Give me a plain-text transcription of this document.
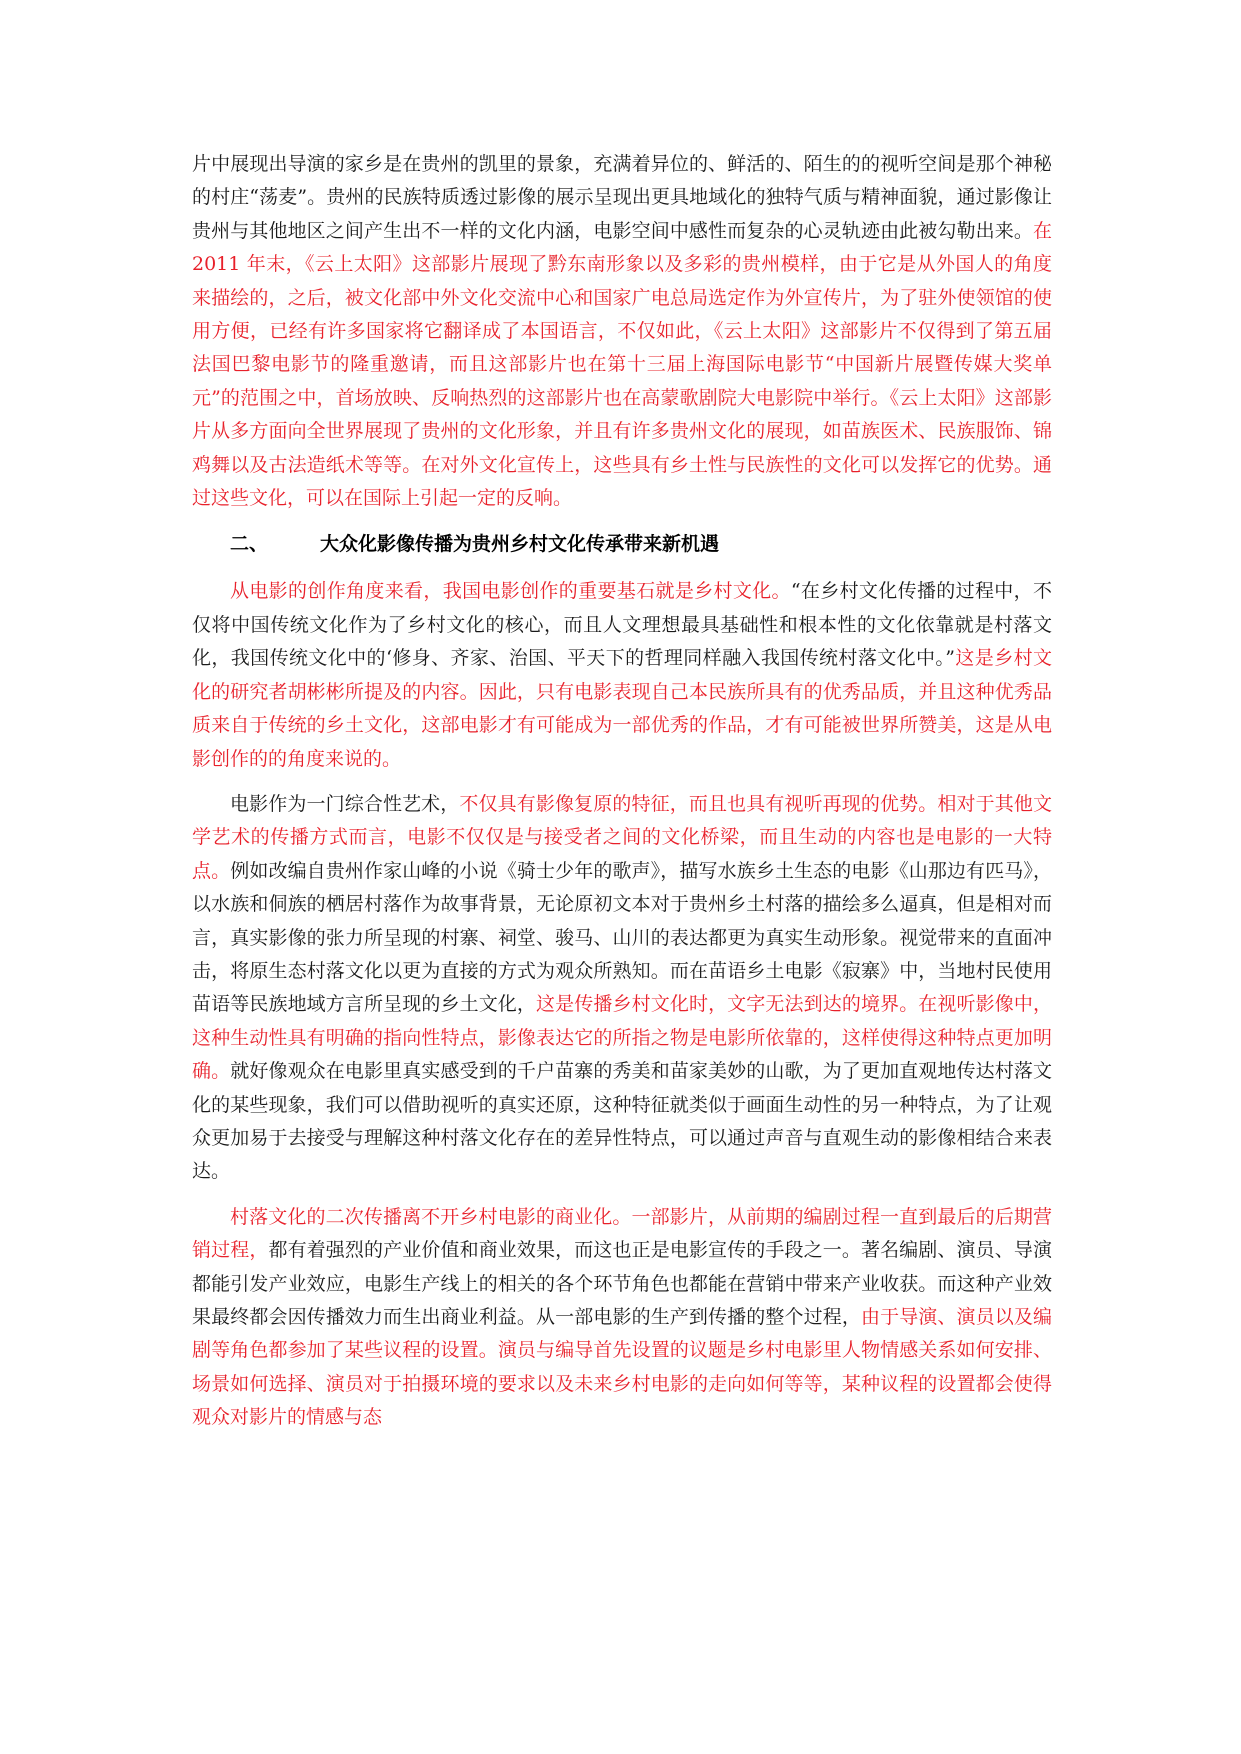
片中展现出导演的家乡是在贵州的凯里的景象，充满着异位的、鲜活的、陌生的的视听空间是那个神秘的村庄“荡麦”。贵州的民族特质透过影像的展示呈现出更具地域化的独特气质与精神面貌，通过影像让贵州与其他地区之间产生出不一样的文化内涵，电影空间中感性而复杂的心灵轨迹由此被勾勒出来。在 2011 年末，《云上太阳》这部影片展现了黔东南形象以及多彩的贵州模样，由于它是从外国人的角度来描绘的，之后，被文化部中外文化交流中心和国家广电总局选定作为外宣传片，为了驻外使领馆的使用方便，已经有许多国家将它翻译成了本国语言，不仅如此，《云上太阳》这部影片不仅得到了第五届法国巴黎电影节的隆重邀请，而且这部影片也在第十三届上海国际电影节“中国新片展暨传媒大奖单元”的范围之中，首场放映、反响热烈的这部影片也在高蒙歌剧院大电影院中举行。《云上太阳》这部影片从多方面向全世界展现了贵州的文化形象，并且有许多贵州文化的展现，如苗族医术、民族服饰、锦鸡舞以及古法造纸术等等。在对外文化宣传上，这些具有乡土性与民族性的文化可以发挥它的优势。通过这些文化，可以在国际上引起一定的反响。

二、	大众化影像传播为贵州乡村文化传承带来新机遇

从电影的创作角度来看，我国电影创作的重要基石就是乡村文化。“在乡村文化传播的过程中，不仅将中国传统文化作为了乡村文化的核心，而且人文理想最具基础性和根本性的文化依靠就是村落文化，我国传统文化中的‘修身、齐家、治国、平天下的哲理同样融入我国传统村落文化中。”这是乡村文化的研究者胡彬彬所提及的内容。因此，只有电影表现自己本民族所具有的优秀品质，并且这种优秀品质来自于传统的乡土文化，这部电影才有可能成为一部优秀的作品，才有可能被世界所赞美，这是从电影创作的的角度来说的。

电影作为一门综合性艺术，不仅具有影像复原的特征，而且也具有视听再现的优势。相对于其他文学艺术的传播方式而言，电影不仅仅是与接受者之间的文化桥梁，而且生动的内容也是电影的一大特点。例如改编自贵州作家山峰的小说《骑士少年的歌声》，描写水族乡土生态的电影《山那边有匹马》，以水族和侗族的栖居村落作为故事背景，无论原初文本对于贵州乡土村落的描绘多么逼真，但是相对而言，真实影像的张力所呈现的村寨、祠堂、骏马、山川的表达都更为真实生动形象。视觉带来的直面冲击，将原生态村落文化以更为直接的方式为观众所熟知。而在苗语乡土电影《寂寨》中，当地村民使用苗语等民族地域方言所呈现的乡土文化，这是传播乡村文化时，文字无法到达的境界。在视听影像中，这种生动性具有明确的指向性特点，影像表达它的所指之物是电影所依靠的，这样使得这种特点更加明确。就好像观众在电影里真实感受到的千户苗寨的秀美和苗家美妙的山歌，为了更加直观地传达村落文化的某些现象，我们可以借助视听的真实还原，这种特征就类似于画面生动性的另一种特点，为了让观众更加易于去接受与理解这种村落文化存在的差异性特点，可以通过声音与直观生动的影像相结合来表达。

村落文化的二次传播离不开乡村电影的商业化。一部影片，从前期的编剧过程一直到最后的后期营销过程，都有着强烈的产业价值和商业效果，而这也正是电影宣传的手段之一。著名编剧、演员、导演都能引发产业效应，电影生产线上的相关的各个环节角色也都能在营销中带来产业收获。而这种产业效果最终都会因传播效力而生出商业利益。从一部电影的生产到传播的整个过程，由于导演、演员以及编剧等角色都参加了某些议程的设置。演员与编导首先设置的议题是乡村电影里人物情感关系如何安排、场景如何选择、演员对于拍摄环境的要求以及未来乡村电影的走向如何等等，某种议程的设置都会使得观众对影片的情感与态
